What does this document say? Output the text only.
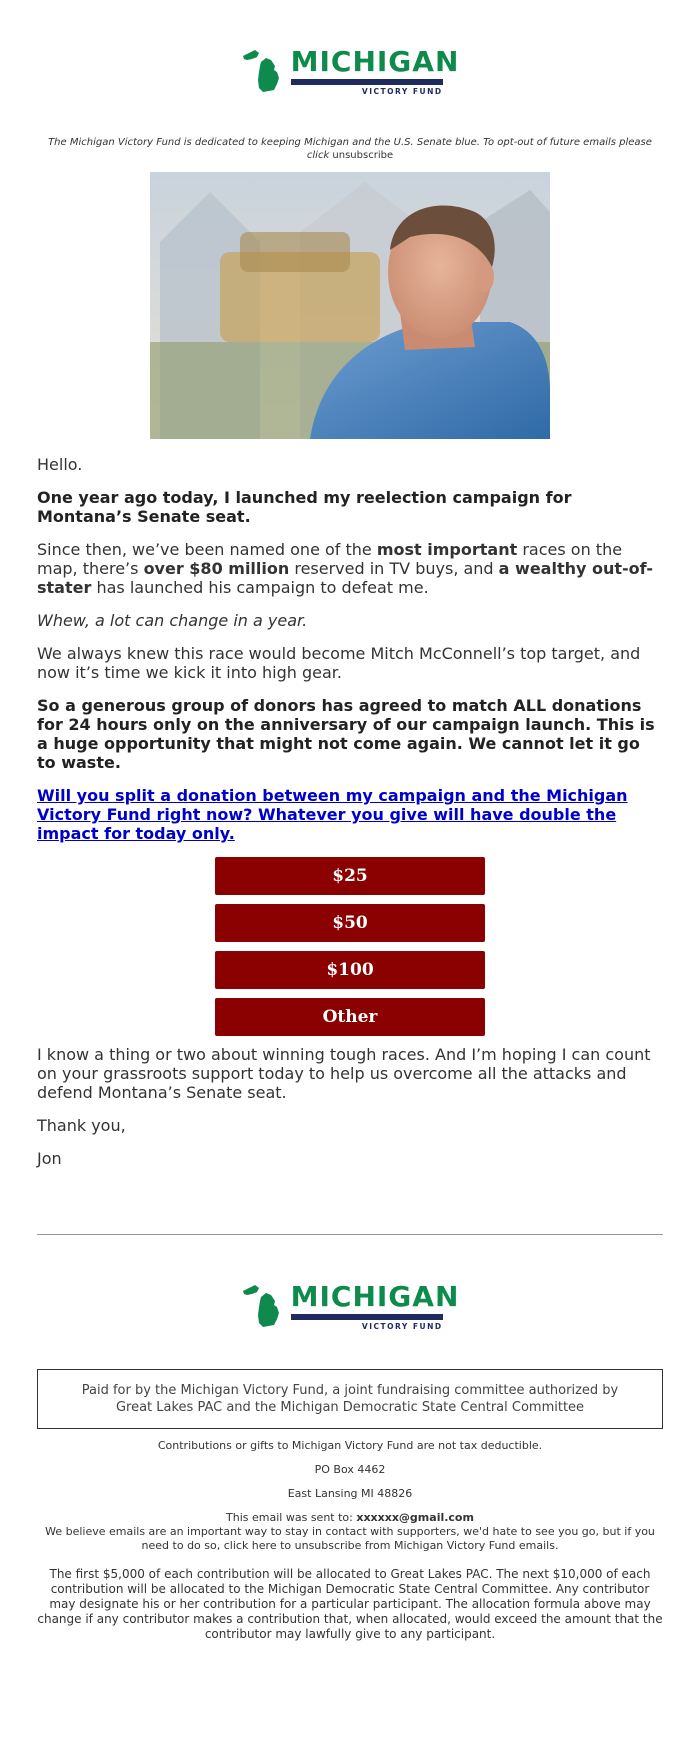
MICHIGAN
VICTORY FUND
The Michigan Victory Fund is dedicated to keeping Michigan and the U.S. Senate blue. To opt-out of future emails please click unsubscribe

Hello.

One year ago today, I launched my reelection campaign for Montana’s Senate seat.

Since then, we’ve been named one of the most important races on the map, there’s over $80 million reserved in TV buys, and a wealthy out-of-stater has launched his campaign to defeat me.

Whew, a lot can change in a year.

We always knew this race would become Mitch McConnell’s top target, and now it’s time we kick it into high gear.

So a generous group of donors has agreed to match ALL donations for 24 hours only on the anniversary of our campaign launch. This is a huge opportunity that might not come again. We cannot let it go to waste.

Will you split a donation between my campaign and the Michigan Victory Fund right now? Whatever you give will have double the impact for today only.

$25
$50
$100
Other

I know a thing or two about winning tough races. And I’m hoping I can count on your grassroots support today to help us overcome all the attacks and defend Montana’s Senate seat.

Thank you,

Jon

MICHIGAN
VICTORY FUND
Paid for by the Michigan Victory Fund, a joint fundraising committee authorized by Great Lakes PAC and the Michigan Democratic State Central Committee
Contributions or gifts to Michigan Victory Fund are not tax deductible.
PO Box 4462
East Lansing MI 48826
This email was sent to: xxxxxx@gmail.com
We believe emails are an important way to stay in contact with supporters, we'd hate to see you go, but if you need to do so, click here to unsubscribe from Michigan Victory Fund emails.
The first $5,000 of each contribution will be allocated to Great Lakes PAC. The next $10,000 of each contribution will be allocated to the Michigan Democratic State Central Committee. Any contributor may designate his or her contribution for a particular participant. The allocation formula above may change if any contributor makes a contribution that, when allocated, would exceed the amount that the contributor may lawfully give to any participant.
